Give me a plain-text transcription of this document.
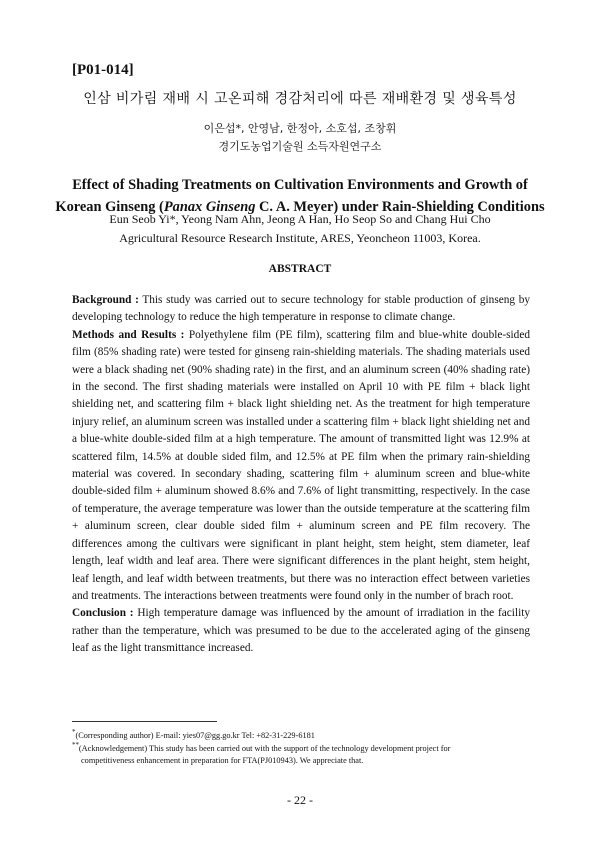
[P01-014]
인삼 비가림 재배 시 고온피해 경감처리에 따른 재배환경 및 생육특성
이은섭*, 안영남, 한정아, 소호섭, 조창휘
경기도농업기술원 소득자원연구소
Effect of Shading Treatments on Cultivation Environments and Growth of
Korean Ginseng (Panax Ginseng C. A. Meyer) under Rain-Shielding Conditions
Eun Seob Yi*, Yeong Nam Ahn, Jeong A Han, Ho Seop So and Chang Hui Cho
Agricultural Resource Research Institute, ARES, Yeoncheon 11003, Korea.
ABSTRACT

Background : This study was carried out to secure technology for stable production of ginseng by developing technology to reduce the high temperature in response to climate change.

Methods and Results : Polyethylene film (PE film), scattering film and blue-white double-sided film (85% shading rate) were tested for ginseng rain-shielding materials. The shading materials used were a black shading net (90% shading rate) in the first, and an aluminum screen (40% shading rate) in the second. The first shading materials were installed on April 10 with PE film + black light shielding net, and scattering film + black light shielding net. As the treatment for high temperature injury relief, an aluminum screen was installed under a scattering film + black light shielding net and a blue-white double-sided film at a high temperature. The amount of transmitted light was 12.9% at scattered film, 14.5% at double sided film, and 12.5% at PE film when the primary rain-shielding material was covered. In secondary shading, scattering film + aluminum screen and blue-white double-sided film + aluminum showed 8.6% and 7.6% of light transmitting, respectively. In the case of temperature, the average temperature was lower than the outside temperature at the scattering film + aluminum screen, clear double sided film + aluminum screen and PE film recovery. The differences among the cultivars were significant in plant height, stem height, stem diameter, leaf length, leaf width and leaf area. There were significant differences in the plant height, stem height, leaf length, and leaf width between treatments, but there was no interaction effect between varieties and treatments. The interactions between treatments were found only in the number of brach root.

Conclusion : High temperature damage was influenced by the amount of irradiation in the facility rather than the temperature, which was presumed to be due to the accelerated aging of the ginseng leaf as the light transmittance increased.

*(Corresponding author) E-mail: yies07@gg.go.kr Tel: +82-31-229-6181
**(Acknowledgement) This study has been carried out with the support of the technology development project for
competitiveness enhancement in preparation for FTA(PJ010943). We appreciate that.
- 22 -
